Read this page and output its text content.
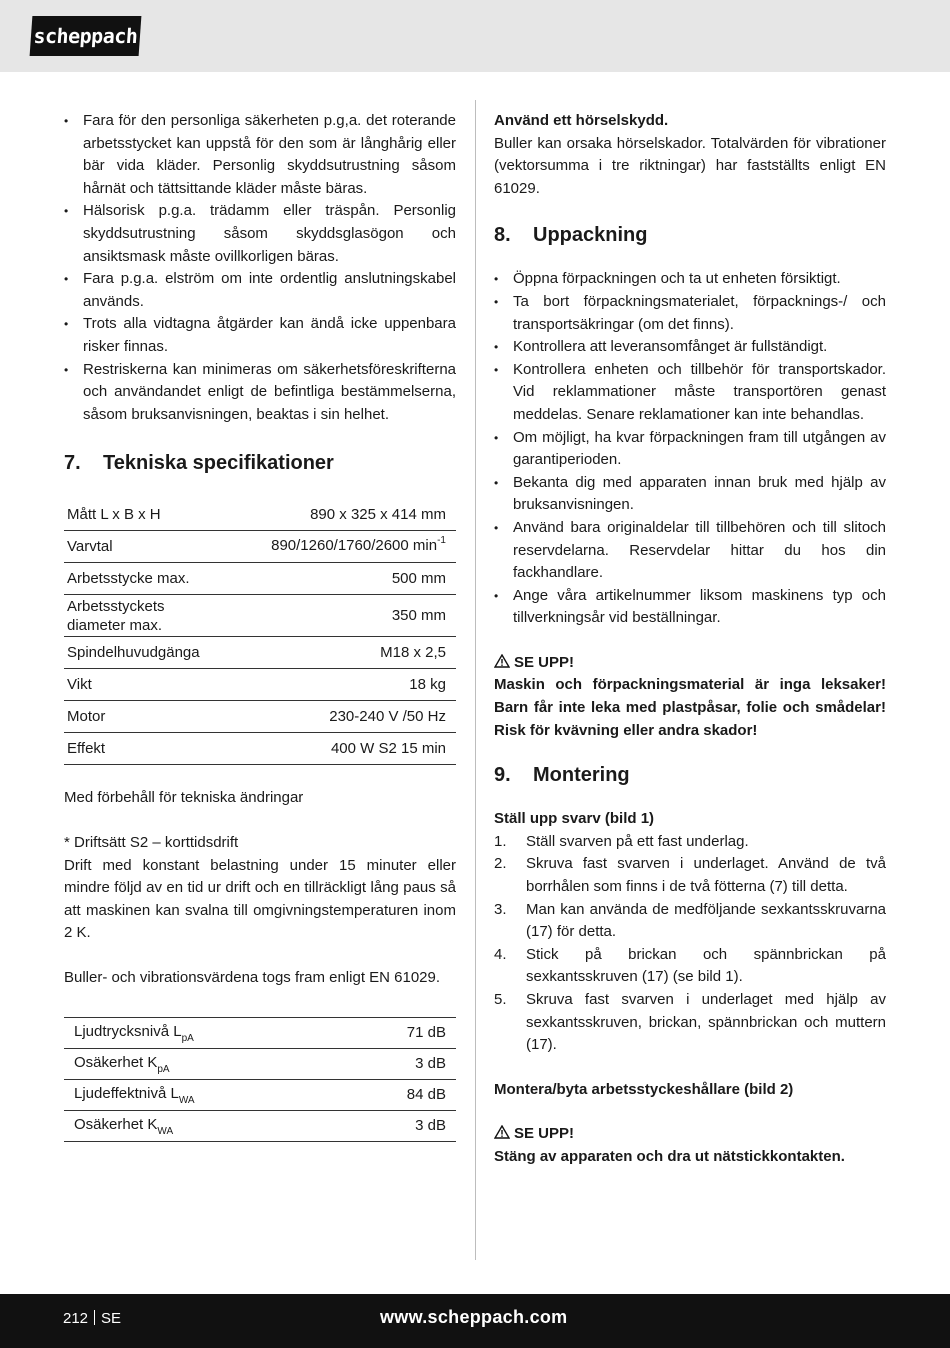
scheppach
• Fara för den personliga säkerheten p.g,a. det roterande arbetsstycket kan uppstå för den som är långhårig eller bär vida kläder. Personlig skyddsutrustning såsom hårnät och tättsittande kläder måste bäras.
• Hälsorisk p.g.a. trädamm eller träspån. Personlig skyddsutrustning såsom skyddsglasögon och ansiktsmask måste ovillkorligen bäras.
• Fara p.g.a. elström om inte ordentlig anslutningskabel används.
• Trots alla vidtagna åtgärder kan ändå icke uppenbara risker finnas.
• Restriskerna kan minimeras om säkerhetsföreskrifterna och användandet enligt de befintliga bestämmelserna, såsom bruksanvisningen, beaktas i sin helhet.
7.	Tekniska specifikationer
Mått L x B x H	890 x 325 x 414 mm
Varvtal	890/1260/1760/2600 $\min^{-1}$
Arbetsstycke max.	500 mm
Arbetsstyckets
diameter max.	350 mm
Spindelhuvudgänga	M18 x 2,5
Vikt	18 kg
Motor	230-240 V /50 Hz
Effekt	400 W S2 15 min
Med förbehåll för tekniska ändringar
* Driftsätt S2 – korttidsdrift
Drift med konstant belastning under 15 minuter eller mindre följd av en tid ur drift och en tillräckligt lång paus så att maskinen kan svalna till omgivningstemperaturen inom 2 K.
Buller- och vibrationsvärdena togs fram enligt EN 61029.
Ljudtrycksnivå $L_{pA}$	71 dB
Osäkerhet $K_{pA}$	3 dB
Ljudeffektnivå $L_{WA}$	84 dB
Osäkerhet $K_{WA}$	3 dB
Använd ett hörselskydd.
Buller kan orsaka hörselskador. Totalvärden för vibrationer (vektorsumma i tre riktningar) har fastställts enligt EN 61029.
8.	Uppackning
• Öppna förpackningen och ta ut enheten försiktigt.
• Ta bort förpackningsmaterialet, förpacknings-/ och transportsäkringar (om det finns).
• Kontrollera att leveransomfånget är fullständigt.
• Kontrollera enheten och tillbehör för transportskador. Vid reklammationer måste transportören genast meddelas. Senare reklamationer kan inte behandlas.
• Om möjligt, ha kvar förpackningen fram till utgången av garantiperioden.
• Bekanta dig med apparaten innan bruk med hjälp av bruksanvisningen.
• Använd bara originaldelar till tillbehören och till slitoch reservdelarna. Reservdelar hittar du hos din fackhandlare.
• Ange våra artikelnummer liksom maskinens typ och tillverkningsår vid beställningar.
SE UPP!
Maskin och förpackningsmaterial är inga leksaker! Barn får inte leka med plastpåsar, folie och smådelar! Risk för kvävning eller andra skador!
9.	Montering
Ställ upp svarv (bild 1)
1. Ställ svarven på ett fast underlag.
2. Skruva fast svarven i underlaget. Använd de två borrhålen som finns i de två fötterna (7) till detta.
3. Man kan använda de medföljande sexkantsskruvarna (17) för detta.
4. Stick på brickan och spännbrickan på sexkantsskruven (17) (se bild 1).
5. Skruva fast svarven i underlaget med hjälp av sexkantsskruven, brickan, spännbrickan och muttern (17).
Montera/byta arbetsstyckeshållare (bild 2)
SE UPP!
Stäng av apparaten och dra ut nätstickkontakten.
212 SE	www.scheppach.com
